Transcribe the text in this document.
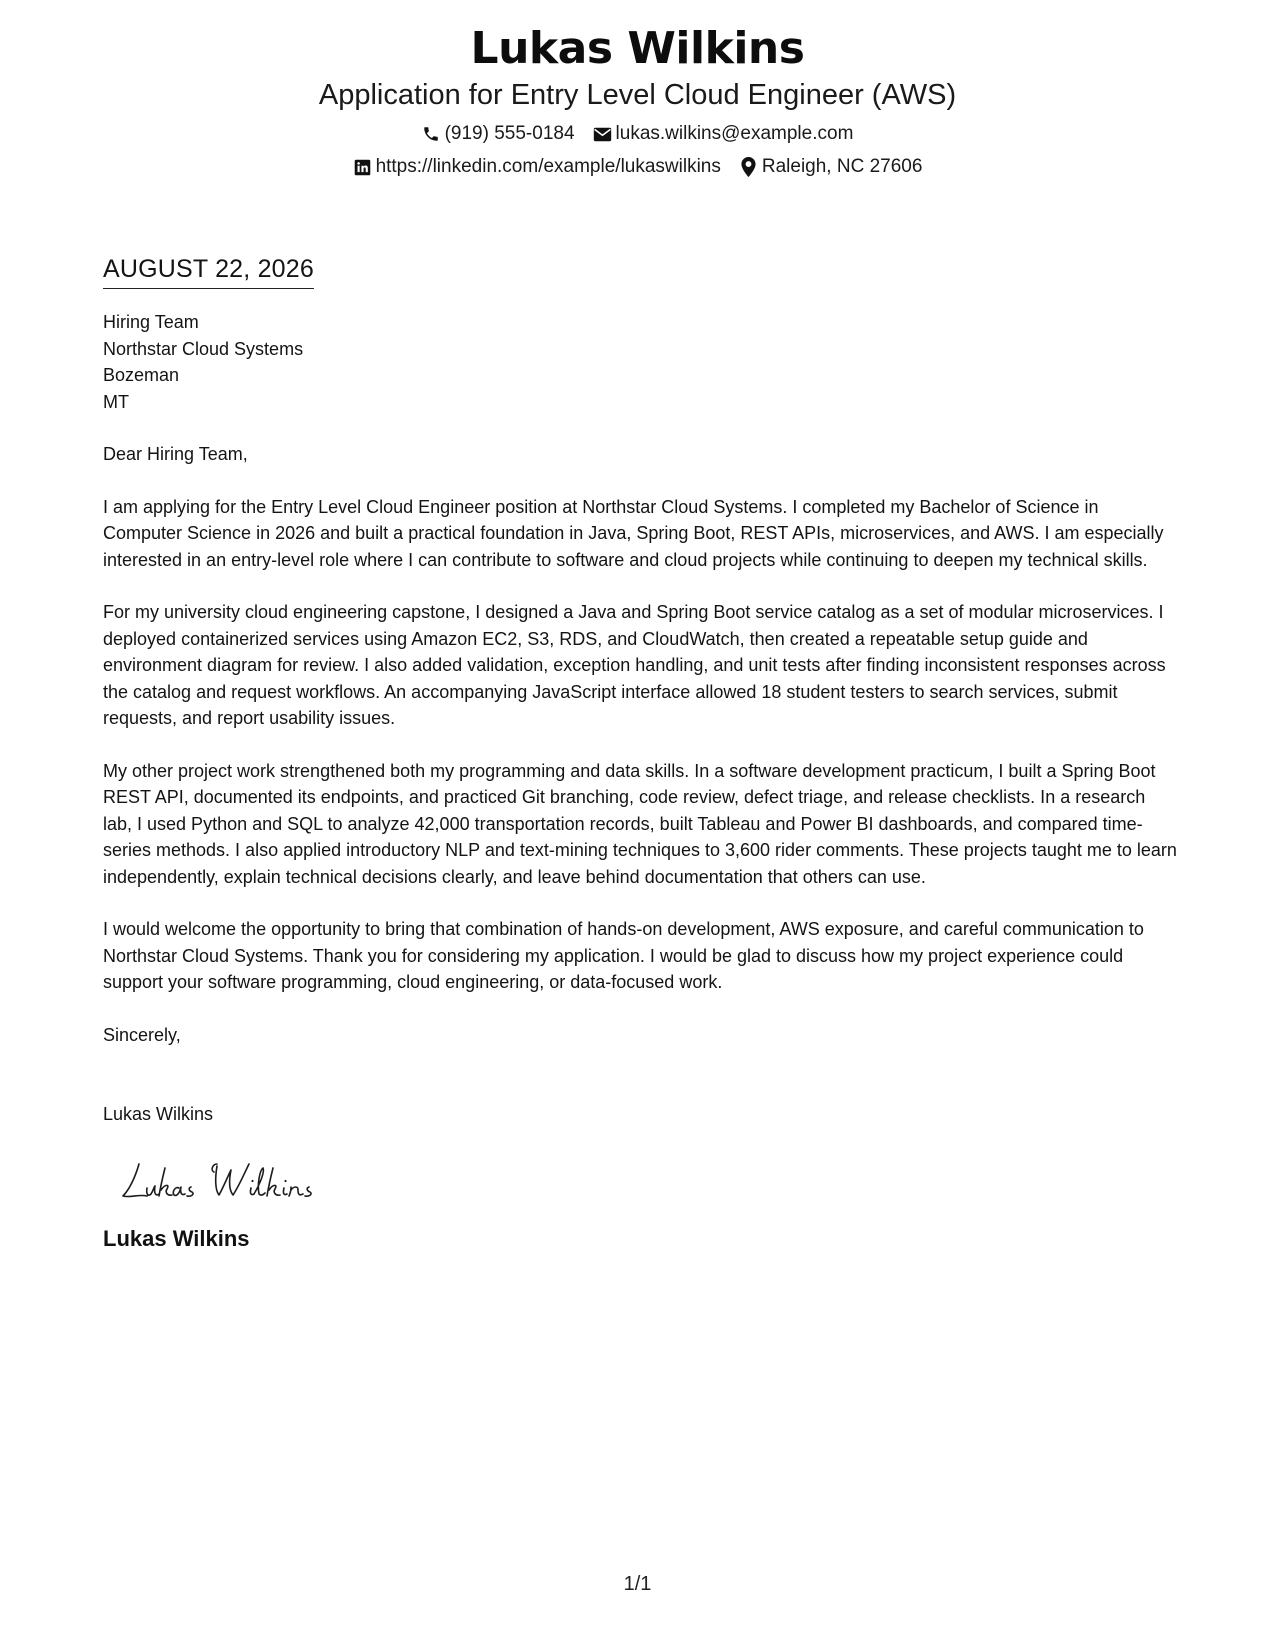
Lukas Wilkins
Application for Entry Level Cloud Engineer (AWS)
(919) 555-0184 lukas.wilkins@example.com
https://linkedin.com/example/lukaswilkins Raleigh, NC 27606
AUGUST 22, 2026
Hiring Team
Northstar Cloud Systems
Bozeman
MT
Dear Hiring Team,
I am applying for the Entry Level Cloud Engineer position at Northstar Cloud Systems. I completed my Bachelor of Science in Computer Science in 2026 and built a practical foundation in Java, Spring Boot, REST APIs, microservices, and AWS. I am especially interested in an entry-level role where I can contribute to software and cloud projects while continuing to deepen my technical skills.
For my university cloud engineering capstone, I designed a Java and Spring Boot service catalog as a set of modular microservices. I deployed containerized services using Amazon EC2, S3, RDS, and CloudWatch, then created a repeatable setup guide and environment diagram for review. I also added validation, exception handling, and unit tests after finding inconsistent responses across the catalog and request workflows. An accompanying JavaScript interface allowed 18 student testers to search services, submit requests, and report usability issues.
My other project work strengthened both my programming and data skills. In a software development practicum, I built a Spring Boot REST API, documented its endpoints, and practiced Git branching, code review, defect triage, and release checklists. In a research lab, I used Python and SQL to analyze 42,000 transportation records, built Tableau and Power BI dashboards, and compared time-series methods. I also applied introductory NLP and text-mining techniques to 3,600 rider comments. These projects taught me to learn independently, explain technical decisions clearly, and leave behind documentation that others can use.
I would welcome the opportunity to bring that combination of hands-on development, AWS exposure, and careful communication to Northstar Cloud Systems. Thank you for considering my application. I would be glad to discuss how my project experience could support your software programming, cloud engineering, or data-focused work.
Sincerely,
Lukas Wilkins
Lukas Wilkins
1/1
